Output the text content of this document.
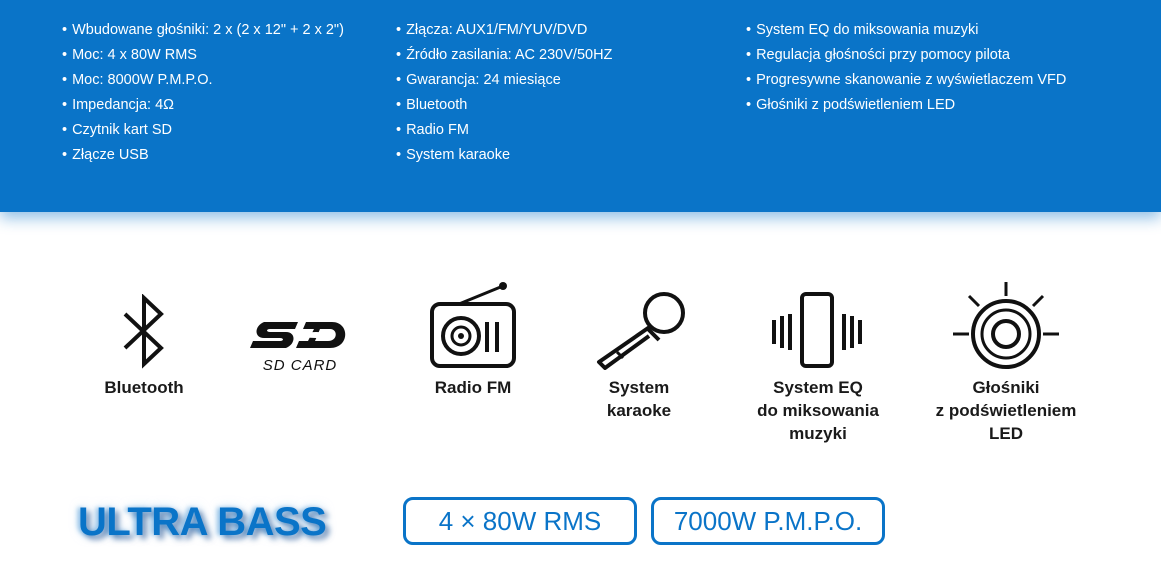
• Wbudowane głośniki: 2 x (2 x 12" + 2 x 2")
• Moc: 4 x 80W RMS
• Moc: 8000W P.M.P.O.
• Impedancja: 4Ω
• Czytnik kart SD
• Złącze USB
• Złącza: AUX1/FM/YUV/DVD
• Źródło zasilania: AC 230V/50HZ
• Gwarancja: 24 miesiące
• Bluetooth
• Radio FM
• System karaoke
• System EQ do miksowania muzyki
• Regulacja głośności przy pomocy pilota
• Progresywne skanowanie z wyświetlaczem VFD
• Głośniki z podświetleniem LED
Bluetooth
SD CARD
Radio FM	System
karaoke
System EQ
do miksowania
muzyki
Głośniki
z podświetleniem
LED
ULTRA BASS	4 × 80W RMS	7000W P.M.P.O.
